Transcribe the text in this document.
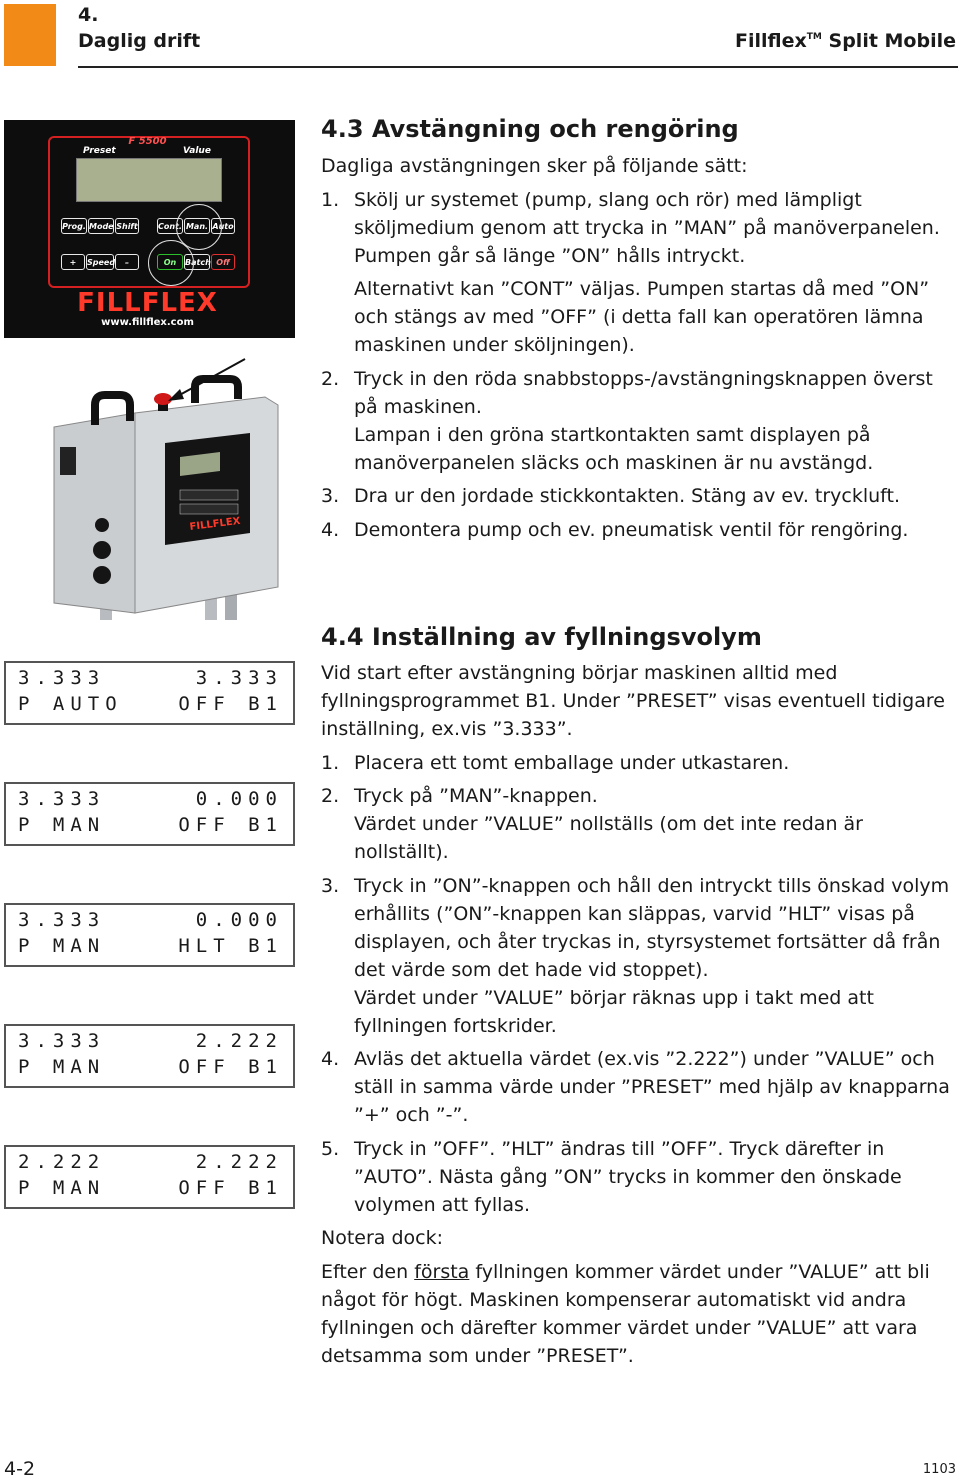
4.
Daglig drift	Fillflex™ Split Mobile
F 5500
Preset	Value
Prog. Mode Shift	Cont. Man. Auto
+	Speed	–	On	Batch Off
FILLFLEX
www.fillflex.com
FILLFLEX
3.333	3.333
P AUTO	OFF B1
3.333	0.000
P MAN	OFF B1
3.333	0.000
P MAN	HLT B1
3.333	2.222
P MAN	OFF B1
2.222	2.222
P MAN	OFF B1
4.3 Avstängning och rengöring
Dagliga avstängningen sker på följande sätt:
1. Skölj ur systemet (pump, slang och rör) med lämpligt sköljmedium genom att trycka in ”MAN” på manöverpanelen. Pumpen går så länge ”ON” hålls intryckt.
Alternativt kan ”CONT” väljas. Pumpen startas då med ”ON” och stängs av med ”OFF” (i detta fall kan operatören lämna maskinen under sköljningen).
2. Tryck in den röda snabbstopps-/avstängningsknappen överst på maskinen.
Lampan i den gröna startkontakten samt displayen på manöverpanelen släcks och maskinen är nu avstängd.
3. Dra ur den jordade stickkontakten. Stäng av ev. tryckluft.
4. Demontera pump och ev. pneumatisk ventil för rengöring.
4.4 Inställning av fyllningsvolym
Vid start efter avstängning börjar maskinen alltid med fyllningsprogrammet B1. Under ”PRESET” visas eventuell tidigare inställning, ex.vis ”3.333”.
1. Placera ett tomt emballage under utkastaren.
2. Tryck på ”MAN”-knappen.
Värdet under ”VALUE” nollställs (om det inte redan är nollställt).
3. Tryck in ”ON”-knappen och håll den intryckt tills önskad volym erhållits (”ON”-knappen kan släppas, varvid ”HLT” visas på displayen, och åter tryckas in, styrsystemet fortsätter då från det värde som det hade vid stoppet).
Värdet under ”VALUE” börjar räknas upp i takt med att fyllningen fortskrider.
4. Avläs det aktuella värdet (ex.vis ”2.222”) under ”VALUE” och ställ in samma värde under ”PRESET” med hjälp av knapparna ”+” och ”-”.
5. Tryck in ”OFF”. ”HLT” ändras till ”OFF”. Tryck därefter in ”AUTO”. Nästa gång ”ON” trycks in kommer den önskade volymen att fyllas.
Notera dock:
Efter den första fyllningen kommer värdet under ”VALUE” att bli något för högt. Maskinen kompenserar automatiskt vid andra fyllningen och därefter kommer värdet under ”VALUE” att vara detsamma som under ”PRESET”.
4-2	1103
